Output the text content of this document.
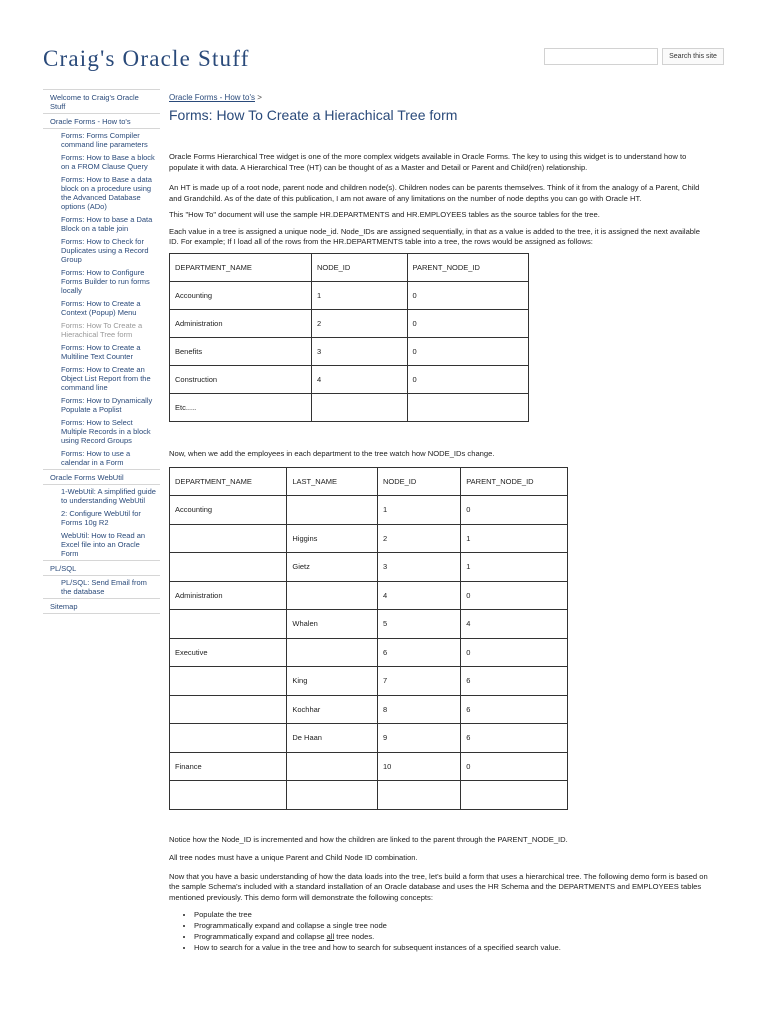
Craig's Oracle Stuff	Search this site
Welcome to Craig's Oracle Stuff
Oracle Forms - How to's
Forms: Forms Compiler command line parameters
Forms: How to Base a block on a FROM Clause Query
Forms: How to Base a data block on a procedure using the Advanced Database options (ADo)
Forms: How to base a Data Block on a table join
Forms: How to Check for Duplicates using a Record Group
Forms: How to Configure Forms Builder to run forms locally
Forms: How to Create a Context (Popup) Menu
Forms: How To Create a Hierachical Tree form
Forms: How to Create a Multiline Text Counter
Forms: How to Create an Object List Report from the command line
Forms: How to Dynamically Populate a Poplist
Forms: How to Select Multiple Records in a block using Record Groups
Forms: How to use a calendar in a Form
Oracle Forms WebUtil
1-WebUtil: A simplified guide to understanding WebUtil
2: Configure WebUtil for Forms 10g R2
WebUtil: How to Read an Excel file into an Oracle Form
PL/SQL
PL/SQL: Send Email from the database
Sitemap
Oracle Forms - How to's >
Forms: How To Create a Hierachical Tree form

Oracle Forms Hierarchical Tree widget is one of the more complex widgets available in Oracle Forms. The key to using this widget is to understand how to populate it with data. A Hierarchical Tree (HT) can be thought of as a Master and Detail or Parent and Child(ren) relationship.

An HT is made up of a root node, parent node and children node(s). Children nodes can be parents themselves. Think of it from the analogy of a Parent, Child and Grandchild. As of the date of this publication, I am not aware of any limitations on the number of node depths you can go with Oracle HT.

This "How To" document will use the sample HR.DEPARTMENTS and HR.EMPLOYEES tables as the source tables for the tree.

Each value in a tree is assigned a unique node_id. Node_IDs are assigned sequentially, in that as a value is added to the tree, it is assigned the next available ID. For example; If I load all of the rows from the HR.DEPARTMENTS table into a tree, the rows would be assigned as follows:

DEPARTMENT_NAME	NODE_ID	PARENT_NODE_ID
Accounting	1	0
Administration	2	0
Benefits	3	0
Construction	4	0
Etc.....		

Now, when we add the employees in each department to the tree watch how NODE_IDs change.

DEPARTMENT_NAME	LAST_NAME	NODE_ID	PARENT_NODE_ID
Accounting		1	0
	Higgins	2	1
	Gietz	3	1
Administration		4	0
	Whalen	5	4
Executive		6	0
	King	7	6
	Kochhar	8	6
	De Haan	9	6
Finance		10	0

Notice how the Node_ID is incremented and how the children are linked to the parent through the PARENT_NODE_ID.

All tree nodes must have a unique Parent and Child Node ID combination.

Now that you have a basic understanding of how the data loads into the tree, let's build a form that uses a hierarchical tree. The following demo form is based on the sample Schema's included with a standard installation of an Oracle database and uses the HR Schema and the DEPARTMENTS and EMPLOYEES tables mentioned previously. This demo form will demonstrate the following concepts:

• Populate the tree
• Programmatically expand and collapse a single tree node
• Programmatically expand and collapse all tree nodes.
• How to search for a value in the tree and how to search for subsequent instances of a specified search value.
